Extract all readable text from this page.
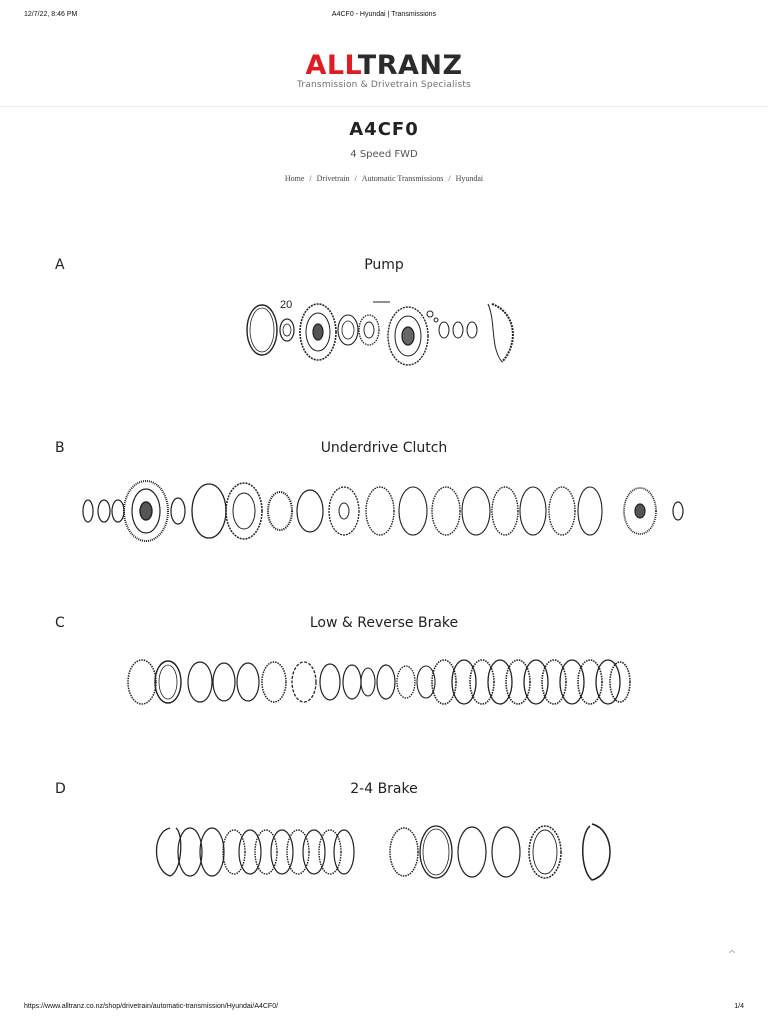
12/7/22, 8:46 PM	A4CF0 - Hyundai | Transmissions
ALLTRANZ
Transmission & Drivetrain Specialists
A4CF0
4 Speed FWD
Home / Drivetrain / Automatic Transmissions / Hyundai
A	Pump
20
B	Underdrive Clutch
C	Low & Reverse Brake
D	2-4 Brake
^
https://www.alltranz.co.nz/shop/drivetrain/automatic-transmission/Hyundai/A4CF0/	1/4
